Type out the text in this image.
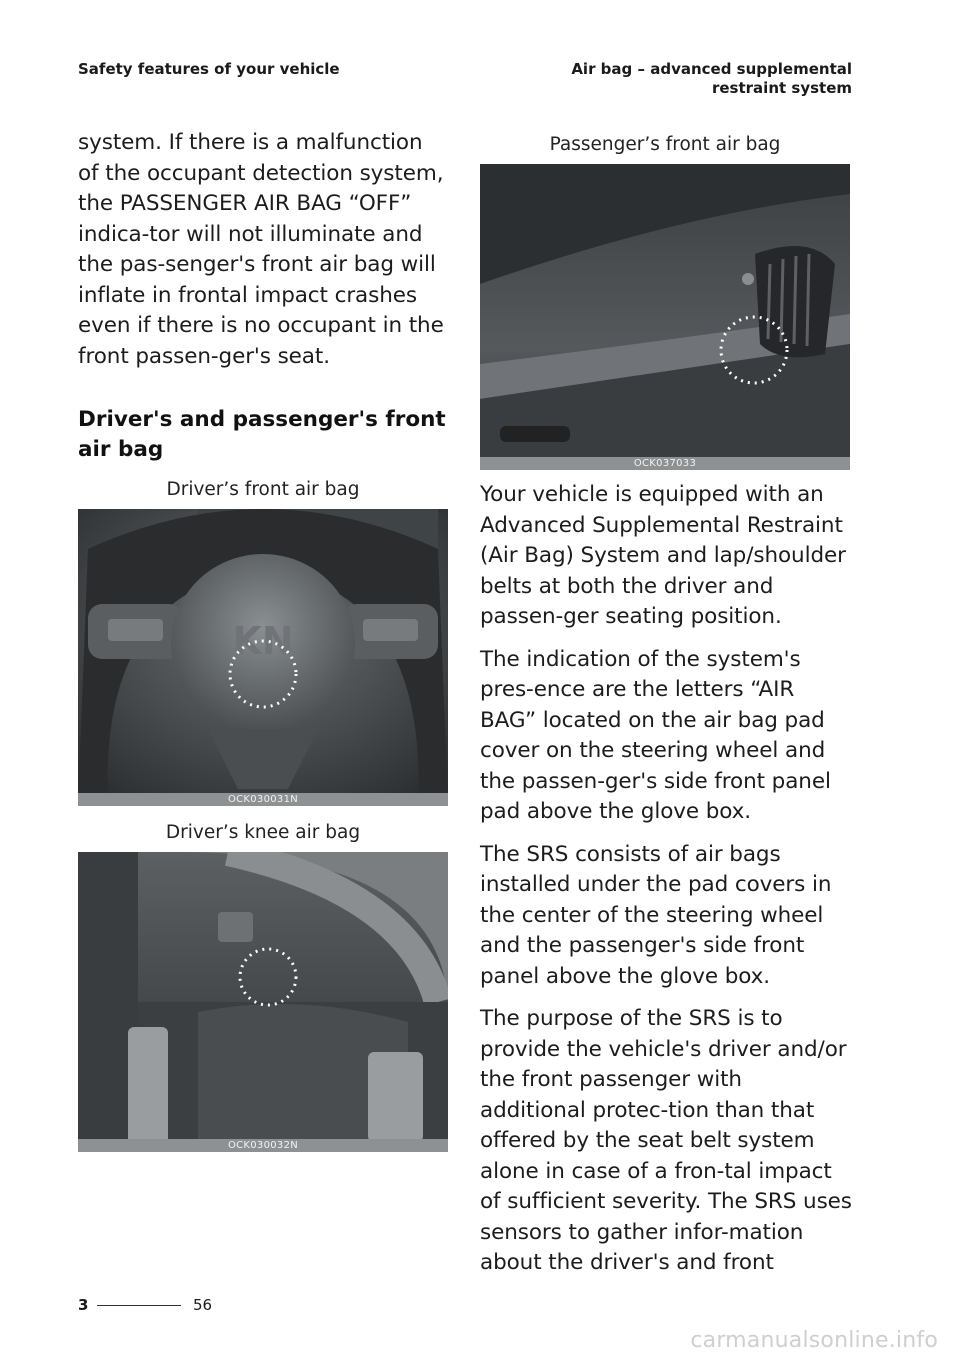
Safety features of your vehicle	Air bag – advanced supplemental restraint system

system. If there is a malfunction of the occupant detection system, the PASSENGER AIR BAG “OFF” indica-tor will not illuminate and the pas-senger's front air bag will inflate in frontal impact crashes even if there is no occupant in the front passen-ger's seat.

Driver's and passenger's front air bag
Driver’s front air bag
KN
OCK030031N
Driver’s knee air bag
OCK030032N
Passenger’s front air bag
OCK037033

Your vehicle is equipped with an Advanced Supplemental Restraint (Air Bag) System and lap/shoulder belts at both the driver and passen-ger seating position.

The indication of the system's pres-ence are the letters “AIR BAG” located on the air bag pad cover on the steering wheel and the passen-ger's side front panel pad above the glove box.

The SRS consists of air bags installed under the pad covers in the center of the steering wheel and the passenger's side front panel above the glove box.

The purpose of the SRS is to provide the vehicle's driver and/or the front passenger with additional protec-tion than that offered by the seat belt system alone in case of a fron-tal impact of sufficient severity. The SRS uses sensors to gather infor-mation about the driver's and front

3	56
carmanualsonline.info
